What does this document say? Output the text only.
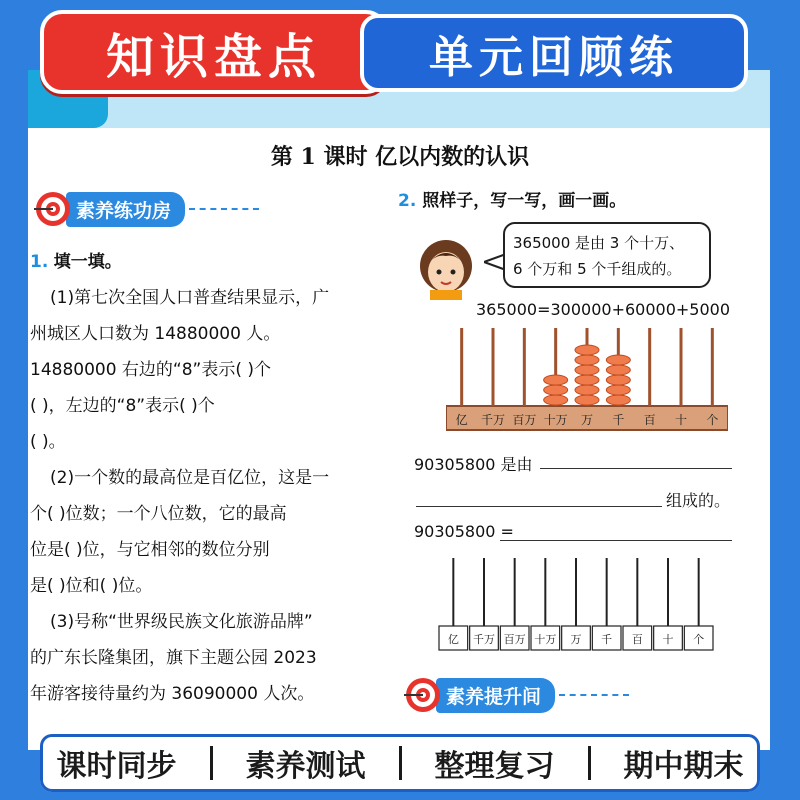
知识盘点 单元回顾练
第 1 课时 亿以内数的认识
素养练功房

1. 填一填。

(1)第七次全国人口普查结果显示，广

州城区人口数为 14880000 人。

14880000 右边的“8”表示( )个

( )，左边的“8”表示( )个

( )。

(2)一个数的最高位是百亿位，这是一

个( )位数；一个八位数，它的最高

位是( )位，与它相邻的数位分别

是( )位和( )位。

(3)号称“世界级民族文化旅游品牌”

的广东长隆集团，旗下主题公园 2023

年游客接待量约为 36090000 人次。

2. 照样子，写一写，画一画。
365000 是由 3 个十万、
6 个万和 5 个千组成的。
365000=300000+60000+5000
亿 千万 百万 十万 万 千 百 十 个
90305800 是由
组成的。
90305800 =
亿 千万 百万 十万 万 千 百 十 个
素养提升间
课时同步 素养测试 整理复习 期中期末
